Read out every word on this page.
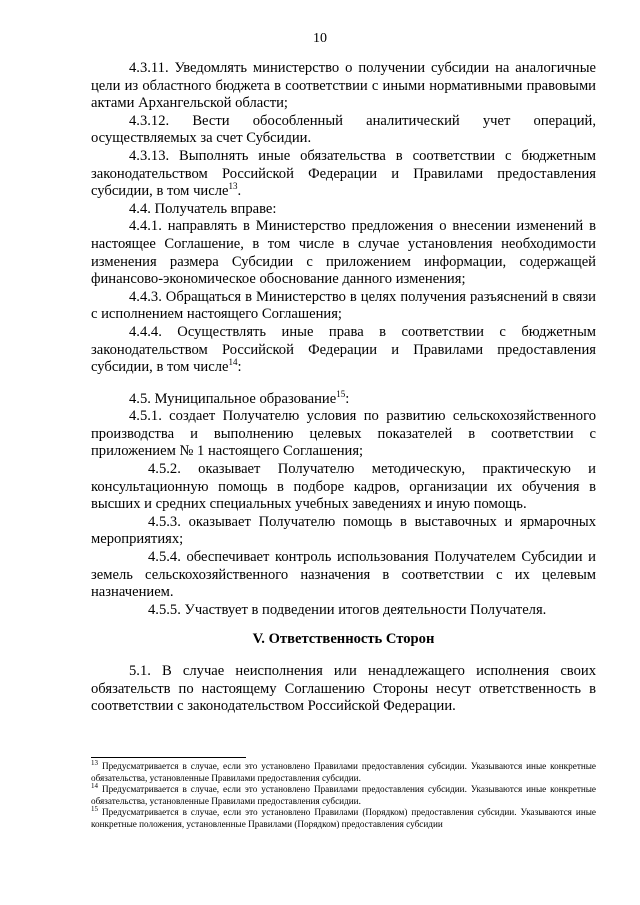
10

4.3.11. Уведомлять министерство о получении субсидии на аналогичные цели из областного бюджета в соответствии с иными нормативными правовыми актами Архангельской области;

4.3.12. Вести обособленный аналитический учет операций, осуществляемых за счет Субсидии.

4.3.13. Выполнять иные обязательства в соответствии с бюджетным законодательством Российской Федерации и Правилами предоставления субсидии, в том числе$^{13}$.

4.4. Получатель вправе:

4.4.1. направлять в Министерство предложения о внесении изменений в настоящее Соглашение, в том числе в случае установления необходимости изменения размера Субсидии с приложением информации, содержащей финансово-экономическое обоснование данного изменения;

4.4.3. Обращаться в Министерство в целях получения разъяснений в связи с исполнением настоящего Соглашения;

4.4.4. Осуществлять иные права в соответствии с бюджетным законодательством Российской Федерации и Правилами предоставления субсидии, в том числе$^{14}$:

4.5. Муниципальное образование$^{15}$:

4.5.1. создает Получателю условия по развитию сельскохозяйственного производства и выполнению целевых показателей в соответствии с приложением № 1 настоящего Соглашения;

4.5.2. оказывает Получателю методическую, практическую и консультационную помощь в подборе кадров, организации их обучения в высших и средних специальных учебных заведениях и иную помощь.

4.5.3. оказывает Получателю помощь в выставочных и ярмарочных мероприятиях;

4.5.4. обеспечивает контроль использования Получателем Субсидии и земель сельскохозяйственного назначения в соответствии с их целевым назначением.

4.5.5. Участвует в подведении итогов деятельности Получателя.

V. Ответственность Сторон

5.1. В случае неисполнения или ненадлежащего исполнения своих обязательств по настоящему Соглашению Стороны несут ответственность в соответствии с законодательством Российской Федерации.

$^{13}$ Предусматривается в случае, если это установлено Правилами предоставления субсидии. Указываются иные конкретные обязательства, установленные Правилами предоставления субсидии.

$^{14}$ Предусматривается в случае, если это установлено Правилами предоставления субсидии. Указываются иные конкретные обязательства, установленные Правилами предоставления субсидии.

$^{15}$ Предусматривается в случае, если это установлено Правилами (Порядком) предоставления субсидии. Указываются иные конкретные положения, установленные Правилами (Порядком) предоставления субсидии
